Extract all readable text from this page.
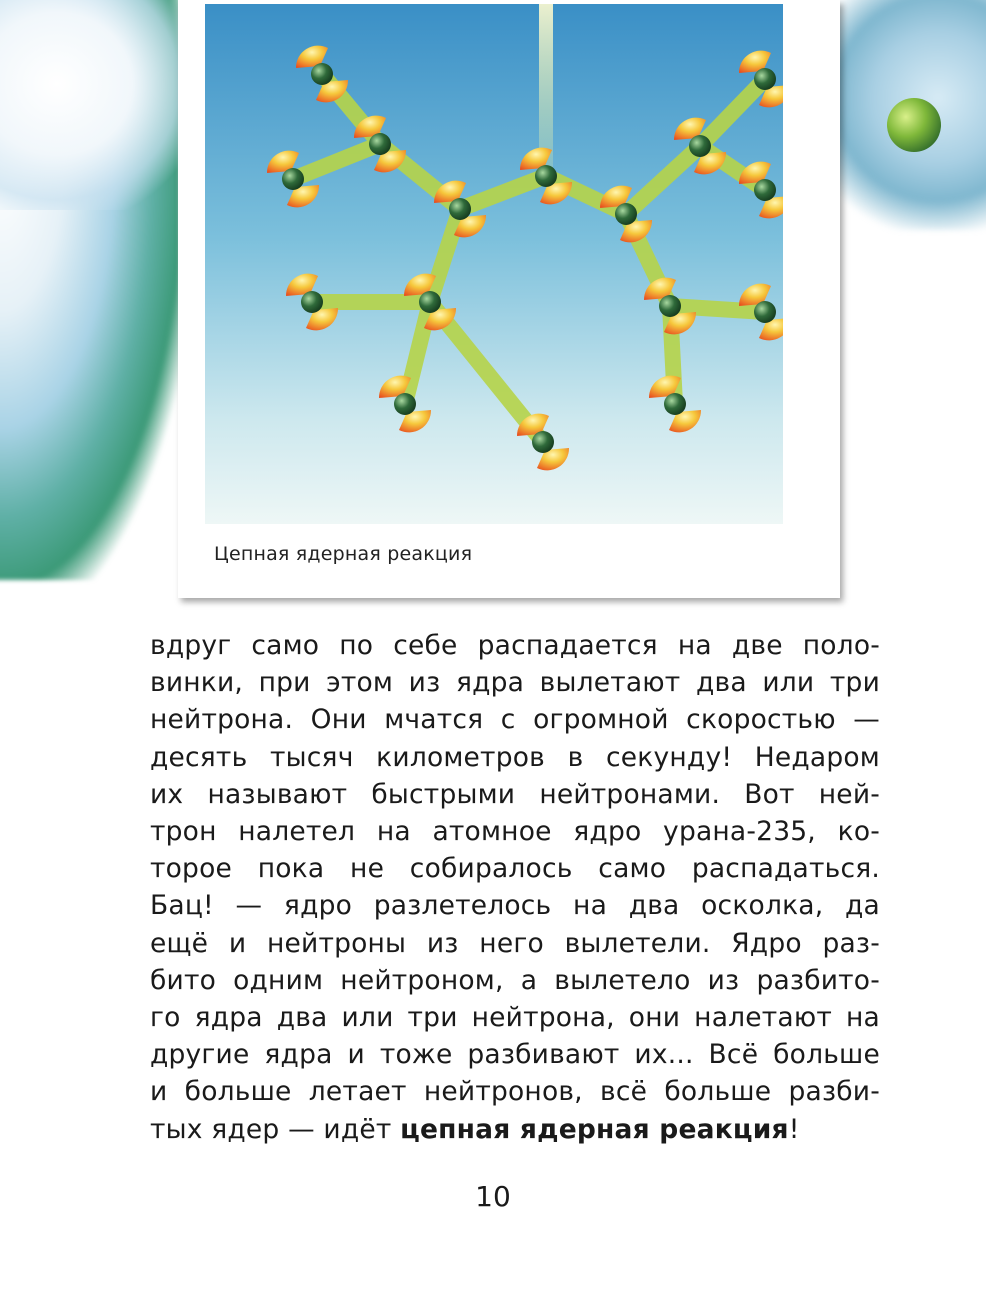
Цепная ядерная реакция
вдруг само по себе распадается на две поло-
винки, при этом из ядра вылетают два или три
нейтрона. Они мчатся с огромной скоростью —
десять тысяч километров в секунду! Недаром
их называют быстрыми нейтронами. Вот ней-
трон налетел на атомное ядро урана-235, ко-
торое пока не собиралось само распадаться.
Бац! — ядро разлетелось на два осколка, да
ещё и нейтроны из него вылетели. Ядро раз-
бито одним нейтроном, а вылетело из разбито-
го ядра два или три нейтрона, они налетают на
другие ядра и тоже разбивают их... Всё больше
и больше летает нейтронов, всё больше разби-
тых ядер — идёт цепная ядерная реакция!
10
